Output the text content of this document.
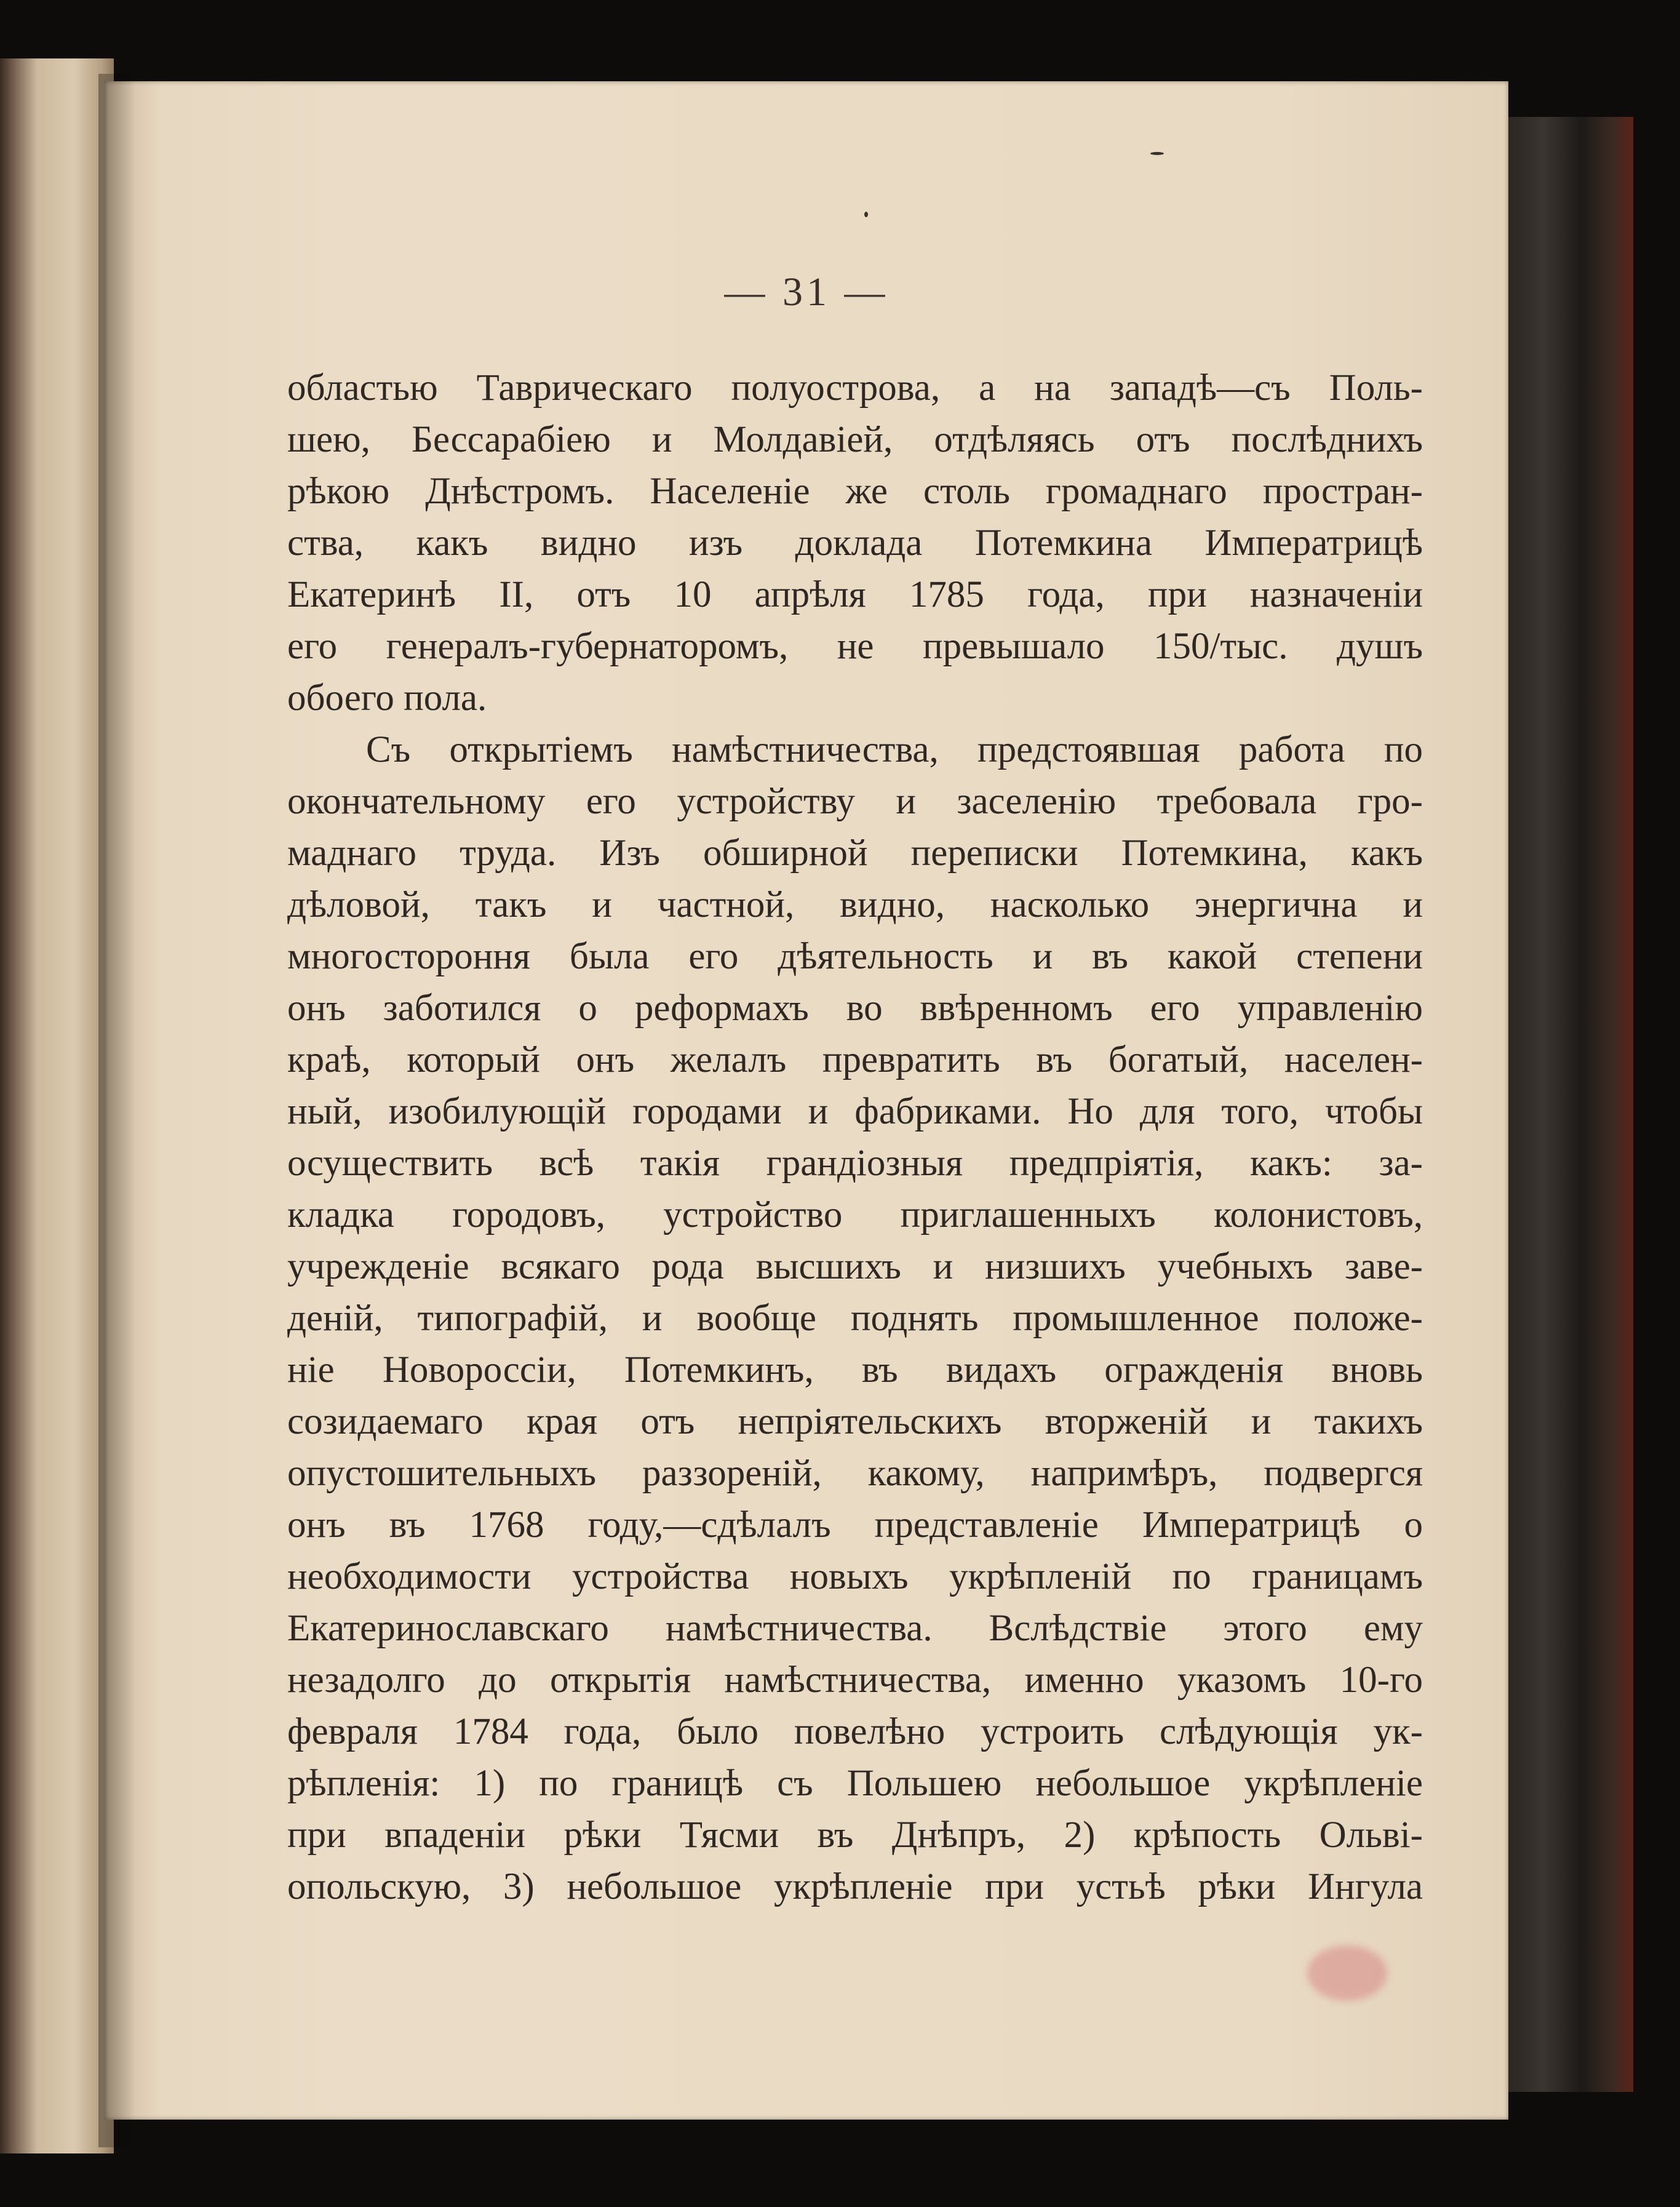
— 31 —
областью Таврическаго полуострова, а на западѣ—съ Поль-
шею, Бессарабіею и Молдавіей, отдѣляясь отъ послѣднихъ
рѣкою Днѣстромъ. Населеніе же столь громаднаго простран-
ства, какъ видно изъ доклада Потемкина Императрицѣ
Екатеринѣ II, отъ 10 апрѣля 1785 года, при назначеніи
его генералъ-губернаторомъ, не превышало 150/тыс. душъ
обоего пола.
Съ открытіемъ намѣстничества, предстоявшая работа по
окончательному его устройству и заселенію требовала гро-
маднаго труда. Изъ обширной переписки Потемкина, какъ
дѣловой, такъ и частной, видно, насколько энергична и
многостороння была его дѣятельность и въ какой степени
онъ заботился о реформахъ во ввѣренномъ его управленію
краѣ, который онъ желалъ превратить въ богатый, населен-
ный, изобилующій городами и фабриками. Но для того, чтобы
осуществить всѣ такія грандіозныя предпріятія, какъ: за-
кладка городовъ, устройство приглашенныхъ колонистовъ,
учрежденіе всякаго рода высшихъ и низшихъ учебныхъ заве-
деній, типографій, и вообще поднять промышленное положе-
ніе Новороссіи, Потемкинъ, въ видахъ огражденія вновь
созидаемаго края отъ непріятельскихъ вторженій и такихъ
опустошительныхъ раззореній, какому, напримѣръ, подвергся
онъ въ 1768 году,—сдѣлалъ представленіе Императрицѣ о
необходимости устройства новыхъ укрѣпленій по границамъ
Екатеринославскаго намѣстничества. Вслѣдствіе этого ему
незадолго до открытія намѣстничества, именно указомъ 10-го
февраля 1784 года, было повелѣно устроить слѣдующія ук-
рѣпленія: 1) по границѣ съ Польшею небольшое укрѣпленіе
при впаденіи рѣки Тясми въ Днѣпръ, 2) крѣпость Ольві-
опольскую, 3) небольшое укрѣпленіе при устьѣ рѣки Ингула
